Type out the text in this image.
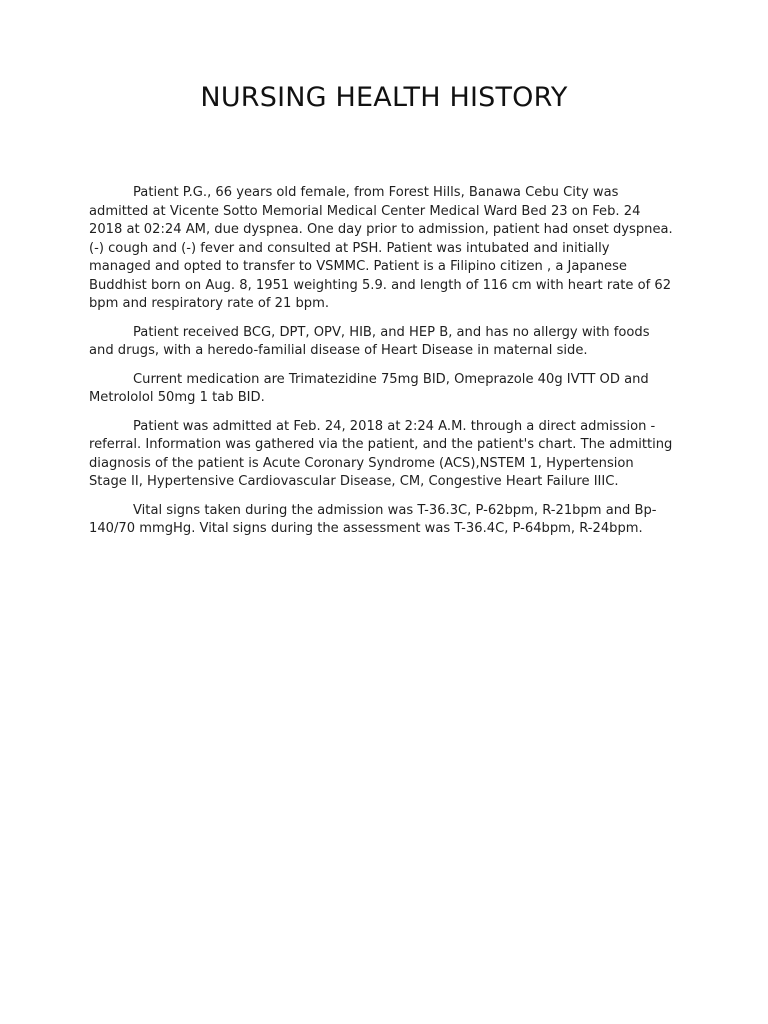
NURSING HEALTH HISTORY

Patient P.G., 66 years old female, from Forest Hills, Banawa Cebu City was admitted at Vicente Sotto Memorial Medical Center Medical Ward Bed 23 on Feb. 24 2018 at 02:24 AM, due dyspnea. One day prior to admission, patient had onset dyspnea.(-) cough and (-) fever and consulted at PSH. Patient was intubated and initially managed and opted to transfer to VSMMC. Patient is a Filipino citizen , a Japanese Buddhist born on Aug. 8, 1951 weighting 5.9. and length of 116 cm with heart rate of 62 bpm and respiratory rate of 21 bpm.

Patient received BCG, DPT, OPV, HIB, and HEP B, and has no allergy with foods and drugs, with a heredo-familial disease of Heart Disease in maternal side.

Current medication are Trimatezidine 75mg BID, Omeprazole 40g IVTT OD and Metrololol 50mg 1 tab BID.

Patient was admitted at Feb. 24, 2018 at 2:24 A.M. through a direct admission - referral. Information was gathered via the patient, and the patient's chart. The admitting diagnosis of the patient is Acute Coronary Syndrome (ACS),NSTEM 1, Hypertension Stage II, Hypertensive Cardiovascular Disease, CM, Congestive Heart Failure IIIC.

Vital signs taken during the admission was T-36.3C, P-62bpm, R-21bpm and Bp-140/70 mmgHg. Vital signs during the assessment was T-36.4C, P-64bpm, R-24bpm.
